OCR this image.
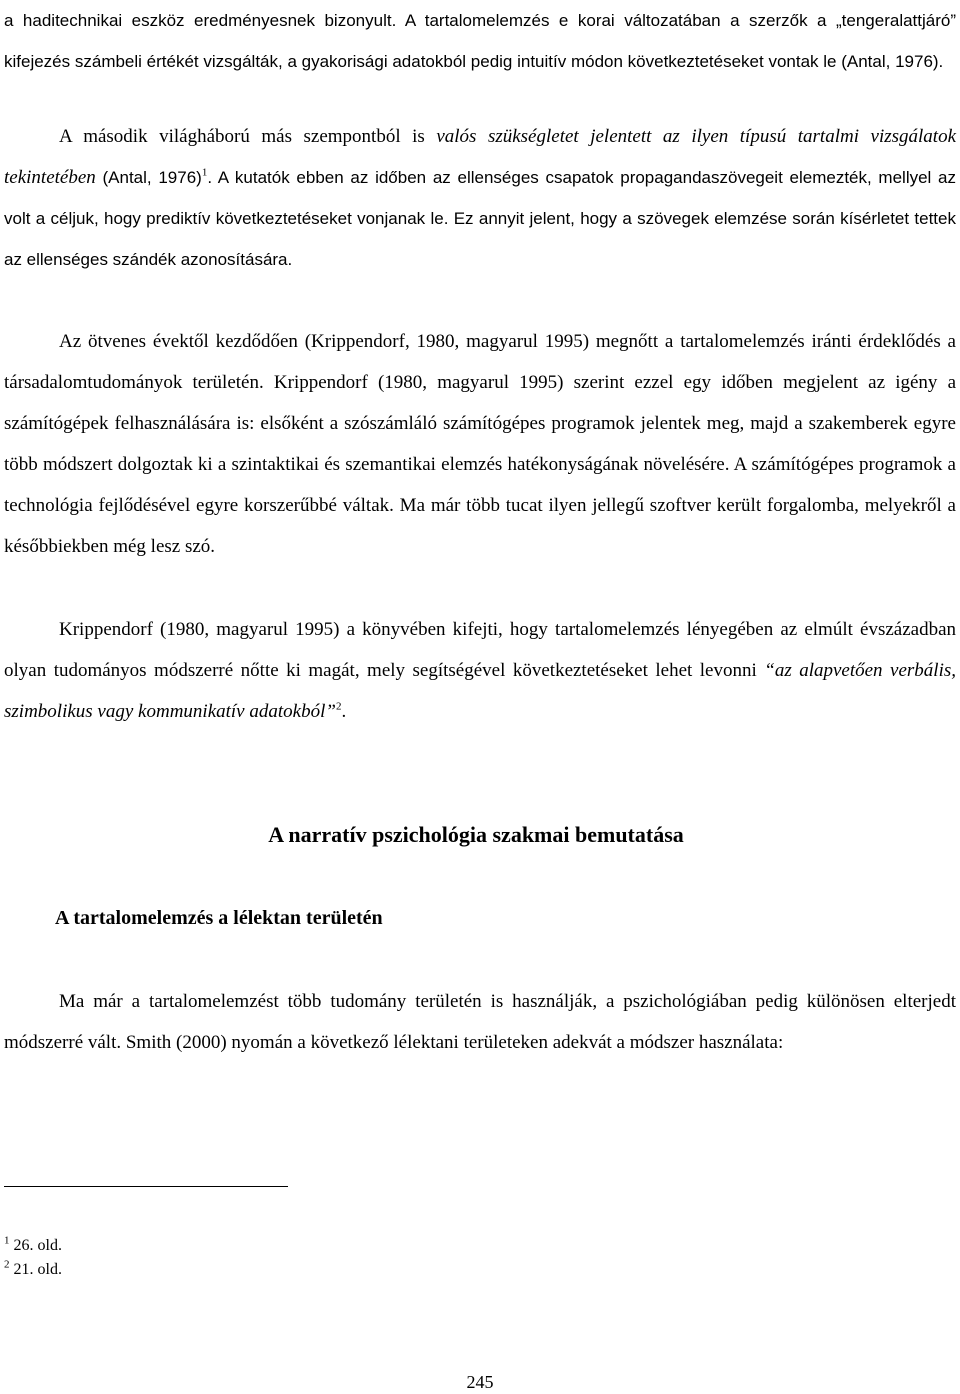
a haditechnikai eszköz eredményesnek bizonyult. A tartalomelemzés e korai változatában a szerzők a „tengeralattjáró” kifejezés számbeli értékét vizsgálták, a gyakorisági adatokból pedig intuitív módon következtetéseket vontak le (Antal, 1976).

A második világháború más szempontból is valós szükségletet jelentett az ilyen típusú tartalmi vizsgálatok tekintetében (Antal, 1976)$^1$. A kutatók ebben az időben az ellenséges csapatok propagandaszövegeit elemezték, mellyel az volt a céljuk, hogy prediktív következtetéseket vonjanak le. Ez annyit jelent, hogy a szövegek elemzése során kísérletet tettek az ellenséges szándék azonosítására.

Az ötvenes évektől kezdődően (Krippendorf, 1980, magyarul 1995) megnőtt a tartalomelemzés iránti érdeklődés a társadalomtudományok területén. Krippendorf (1980, magyarul 1995) szerint ezzel egy időben megjelent az igény a számítógépek felhasználására is: elsőként a szószámláló számítógépes programok jelentek meg, majd a szakemberek egyre több módszert dolgoztak ki a szintaktikai és szemantikai elemzés hatékonyságának növelésére. A számítógépes programok a technológia fejlődésével egyre korszerűbbé váltak. Ma már több tucat ilyen jellegű szoftver került forgalomba, melyekről a későbbiekben még lesz szó.

Krippendorf (1980, magyarul 1995) a könyvében kifejti, hogy tartalomelemzés lényegében az elmúlt évszázadban olyan tudományos módszerré nőtte ki magát, mely segítségével következtetéseket lehet levonni “az alapvetően verbális, szimbolikus vagy kommunikatív adatokból”$^2$.

Ma már a tartalomelemzést több tudomány területén is használják, a pszichológiában pedig különösen elterjedt módszerré vált. Smith (2000) nyomán a következő lélektani területeken adekvát a módszer használata:

A narratív pszichológia szakmai bemutatása
A tartalomelemzés a lélektan területén

$^1$ 26. old.

$^2$ 21. old.

245
